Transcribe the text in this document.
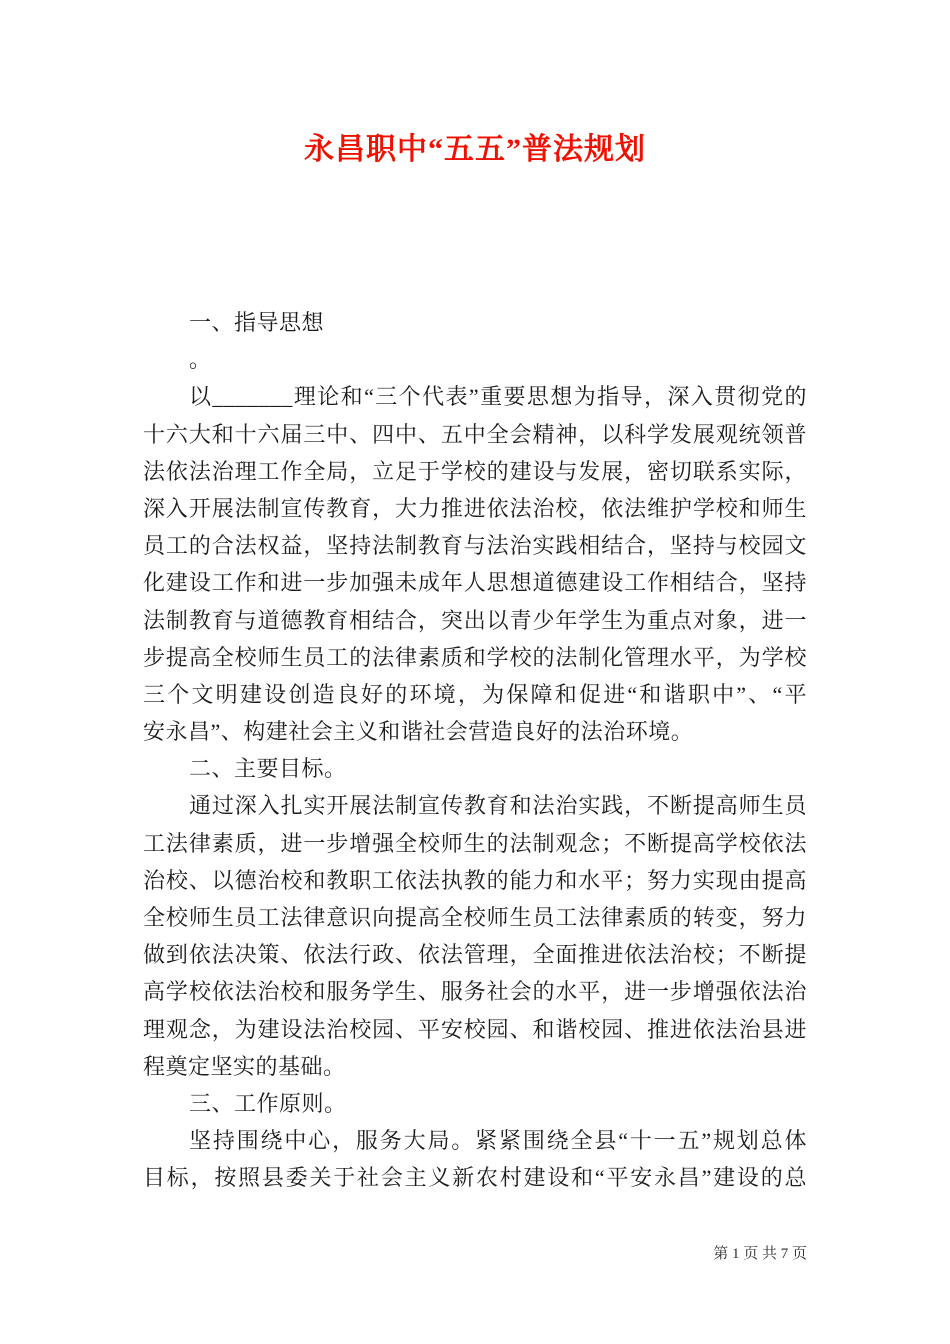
永昌职中“五五”普法规划
一、指导思想
。
以_______理论和“三个代表”重要思想为指导，深入贯彻党的
十六大和十六届三中、四中、五中全会精神，以科学发展观统领普
法依法治理工作全局，立足于学校的建设与发展，密切联系实际，
深入开展法制宣传教育，大力推进依法治校，依法维护学校和师生
员工的合法权益，坚持法制教育与法治实践相结合，坚持与校园文
化建设工作和进一步加强未成年人思想道德建设工作相结合，坚持
法制教育与道德教育相结合，突出以青少年学生为重点对象，进一
步提高全校师生员工的法律素质和学校的法制化管理水平，为学校
三个文明建设创造良好的环境，为保障和促进“和谐职中”、“平
安永昌”、构建社会主义和谐社会营造良好的法治环境。
二、主要目标。
通过深入扎实开展法制宣传教育和法治实践，不断提高师生员
工法律素质，进一步增强全校师生的法制观念；不断提高学校依法
治校、以德治校和教职工依法执教的能力和水平；努力实现由提高
全校师生员工法律意识向提高全校师生员工法律素质的转变，努力
做到依法决策、依法行政、依法管理，全面推进依法治校；不断提
高学校依法治校和服务学生、服务社会的水平，进一步增强依法治
理观念，为建设法治校园、平安校园、和谐校园、推进依法治县进
程奠定坚实的基础。
三、工作原则。
坚持围绕中心，服务大局。紧紧围绕全县“十一五”规划总体
目标，按照县委关于社会主义新农村建设和“平安永昌”建设的总
第 1 页 共 7 页
